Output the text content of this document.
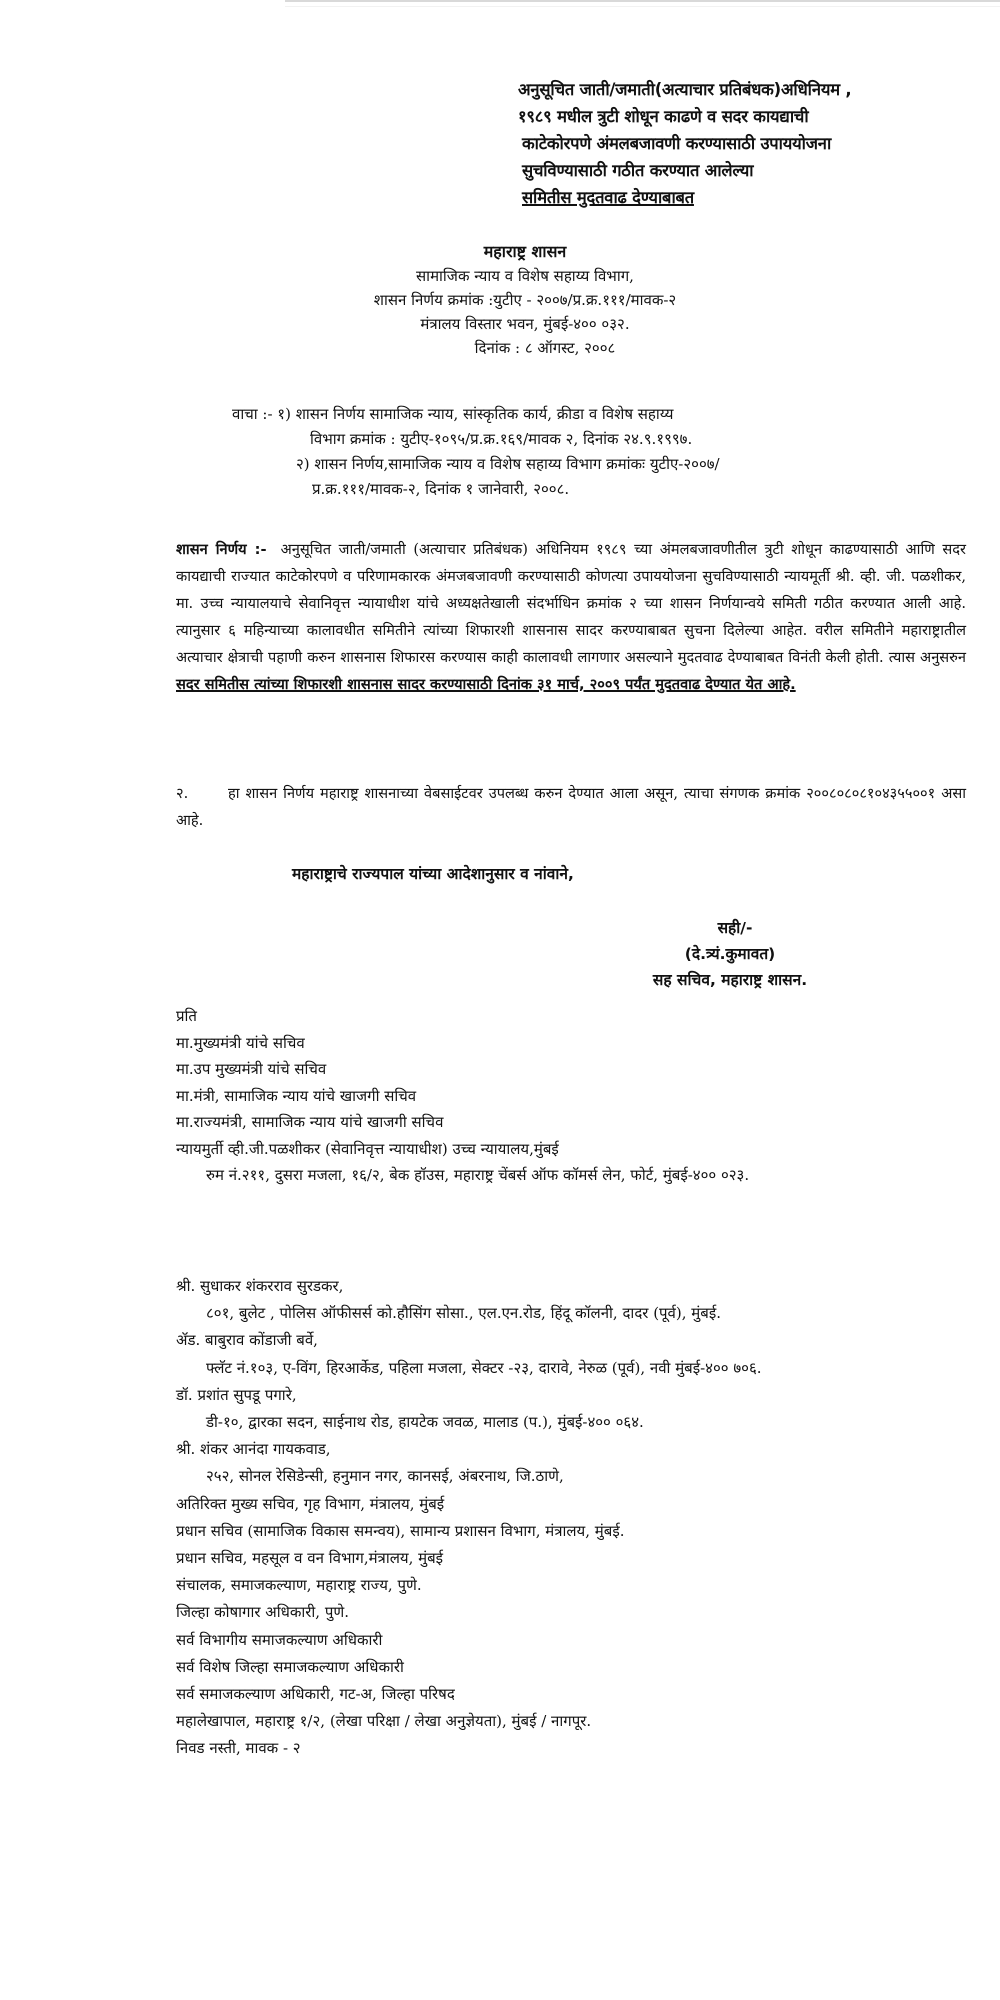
अनुसूचित जाती/जमाती(अत्याचार प्रतिबंधक)अधिनियम ,
१९८९ मधील त्रुटी शोधून काढणे व सदर कायद्याची
काटेकोरपणे अंमलबजावणी करण्यासाठी उपाययोजना
सुचविण्यासाठी गठीत करण्यात आलेल्या
समितीस मुदतवाढ देण्याबाबत
महाराष्ट्र शासन
सामाजिक न्याय व विशेष सहाय्य विभाग,
शासन निर्णय क्रमांक :युटीए - २००७/प्र.क्र.१११/मावक-२
मंत्रालय विस्तार भवन, मुंबई-४०० ०३२.
दिनांक : ८ ऑगस्ट, २००८
वाचा :- १) शासन निर्णय सामाजिक न्याय, सांस्कृतिक कार्य, क्रीडा व विशेष सहाय्य
विभाग क्रमांक : युटीए-१०९५/प्र.क्र.१६९/मावक २, दिनांक २४.९.१९९७.
२) शासन निर्णय,सामाजिक न्याय व विशेष सहाय्य विभाग क्रमांकः युटीए-२००७/
प्र.क्र.१११/मावक-२, दिनांक १ जानेवारी, २००८.
शासन निर्णय :- अनुसूचित जाती/जमाती (अत्याचार प्रतिबंधक) अधिनियम १९८९ च्या अंमलबजावणीतील त्रुटी शोधून काढण्यासाठी आणि सदर कायद्याची राज्यात काटेकोरपणे व परिणामकारक अंमजबजावणी करण्यासाठी कोणत्या उपाययोजना सुचविण्यासाठी न्यायमूर्ती श्री. व्ही. जी. पळशीकर, मा. उच्च न्यायालयाचे सेवानिवृत्त न्यायाधीश यांचे अध्यक्षतेखाली संदर्भाधिन क्रमांक २ च्या शासन निर्णयान्वये समिती गठीत करण्यात आली आहे. त्यानुसार ६ महिन्याच्या कालावधीत समितीने त्यांच्या शिफारशी शासनास सादर करण्याबाबत सुचना दिलेल्या आहेत. वरील समितीने महाराष्ट्रातील अत्याचार क्षेत्राची पहाणी करुन शासनास शिफारस करण्यास काही कालावधी लागणार असल्याने मुदतवाढ देण्याबाबत विनंती केली होती. त्यास अनुसरुन सदर समितीस त्यांच्या शिफारशी शासनास सादर करण्यासाठी दिनांक ३१ मार्च, २००९ पर्यंत मुदतवाढ देण्यात येत आहे.
२.	हा शासन निर्णय महाराष्ट्र शासनाच्या वेबसाईटवर उपलब्ध करुन देण्यात आला असून, त्याचा संगणक क्रमांक २००८०८०८१०४३५५००१ असा आहे.
महाराष्ट्राचे राज्यपाल यांच्या आदेशानुसार व नांवाने,
सही/-
(दे.त्र्यं.कुमावत)
सह सचिव, महाराष्ट्र शासन.
प्रति
मा.मुख्यमंत्री यांचे सचिव
मा.उप मुख्यमंत्री यांचे सचिव
मा.मंत्री, सामाजिक न्याय यांचे खाजगी सचिव
मा.राज्यमंत्री, सामाजिक न्याय यांचे खाजगी सचिव
न्यायमुर्ती व्ही.जी.पळशीकर (सेवानिवृत्त न्यायाधीश) उच्च न्यायालय,मुंबई
रुम नं.२११, दुसरा मजला, १६/२, बेक हॉउस, महाराष्ट्र चेंबर्स ऑफ कॉमर्स लेन, फोर्ट, मुंबई-४०० ०२३.
श्री. सुधाकर शंकरराव सुरडकर,
८०१, बुलेट , पोलिस ऑफीसर्स को.हौसिंग सोसा., एल.एन.रोड, हिंदू कॉलनी, दादर (पूर्व), मुंबई.
ॲड. बाबुराव कोंडाजी बर्वे,
फ्लॅट नं.१०३, ए-विंग, हिरआर्केड, पहिला मजला, सेक्टर -२३, दारावे, नेरुळ (पूर्व), नवी मुंबई-४०० ७०६.
डॉ. प्रशांत सुपडू पगारे,
डी-१०, द्वारका सदन, साईनाथ रोड, हायटेक जवळ, मालाड (प.), मुंबई-४०० ०६४.
श्री. शंकर आनंदा गायकवाड,
२५२, सोनल रेसिडेन्सी, हनुमान नगर, कानसई, अंबरनाथ, जि.ठाणे,
अतिरिक्त मुख्य सचिव, गृह विभाग, मंत्रालय, मुंबई
प्रधान सचिव (सामाजिक विकास समन्वय), सामान्य प्रशासन विभाग, मंत्रालय, मुंबई.
प्रधान सचिव, महसूल व वन विभाग,मंत्रालय, मुंबई
संचालक, समाजकल्याण, महाराष्ट्र राज्य, पुणे.
जिल्हा कोषागार अधिकारी, पुणे.
सर्व विभागीय समाजकल्याण अधिकारी
सर्व विशेष जिल्हा समाजकल्याण अधिकारी
सर्व समाजकल्याण अधिकारी, गट-अ, जिल्हा परिषद
महालेखापाल, महाराष्ट्र १/२, (लेखा परिक्षा / लेखा अनुज्ञेयता), मुंबई / नागपूर.
निवड नस्ती, मावक - २
